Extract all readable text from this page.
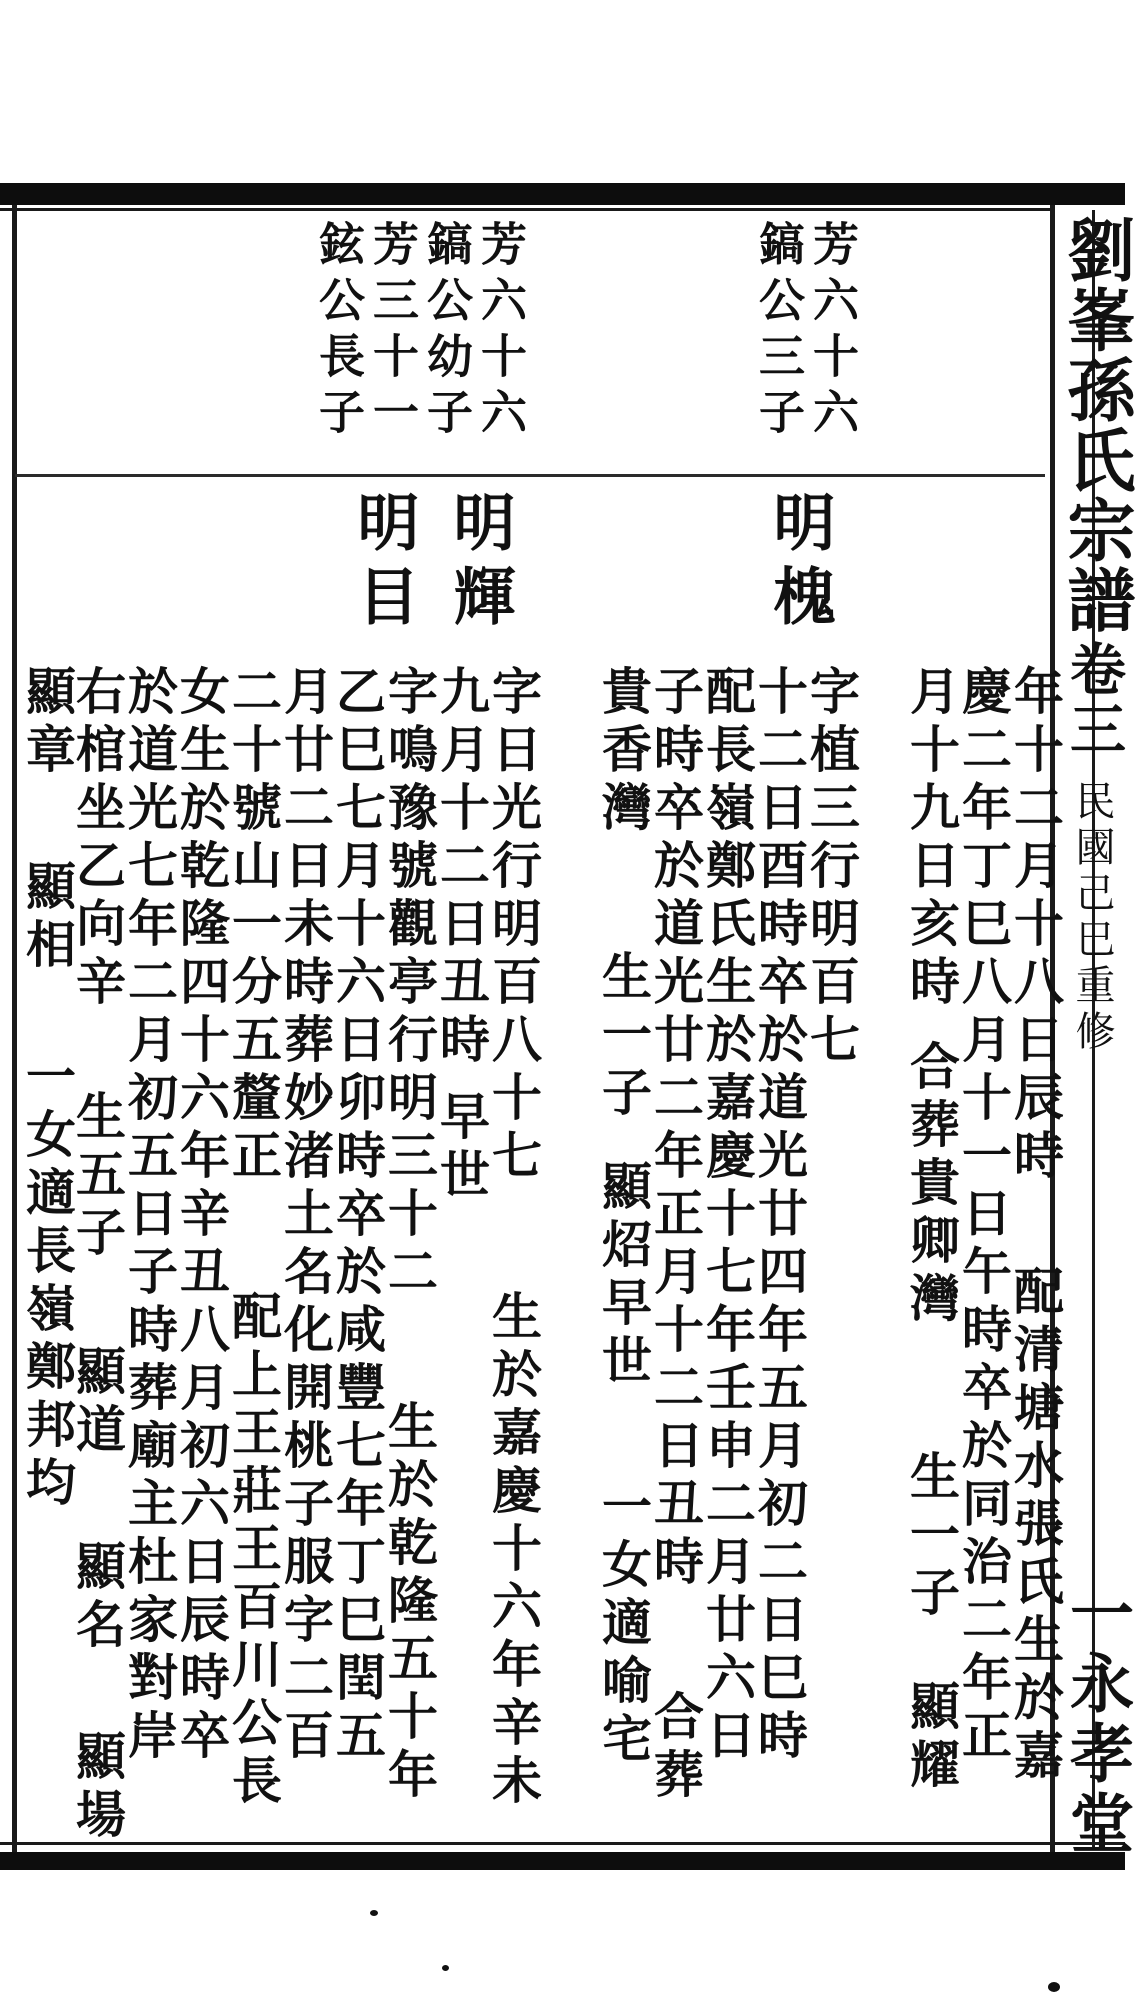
劉峯孫氏宗譜
卷三
民國己巳重修
一永孝堂
年十二月十八日辰時
配清塘水張氏生於嘉
慶二年丁巳八月十一日午時卒於同治二年正
月十九日亥時
合葬貴卿灣
生一子
顯耀
芳六十六
鎬公三子
明槐
字植三行明百七
十二日酉時卒於道光廿四年五月初二日巳時
配長嶺鄭氏生於嘉慶十七年壬申二月廿六日
子時卒於道光廿二年正月十二日丑時
合葬
貴香灣
生一子
顯炤早世
一女適喻宅
芳六十六
鎬公幼子
明輝
字日光行明百八十七
生於嘉慶十六年辛未
九月十二日丑時
早世
芳三十一
鉉公長子
明目
字鳴豫號觀亭行明三十二
生於乾隆五十年
乙巳七月十六日卯時卒於咸豐七年丁巳閏五
月廿二日未時葬妙渚土名化開桃子服字二百
二十號山一分五釐正
配上王莊王百川公長
女生於乾隆四十六年辛丑八月初六日辰時卒
於道光七年二月初五日子時葬廟主杜家對岸
右棺坐乙向辛
生五子
顯道
顯名
顯場
顯章
顯相
一女適長嶺鄭邦均
